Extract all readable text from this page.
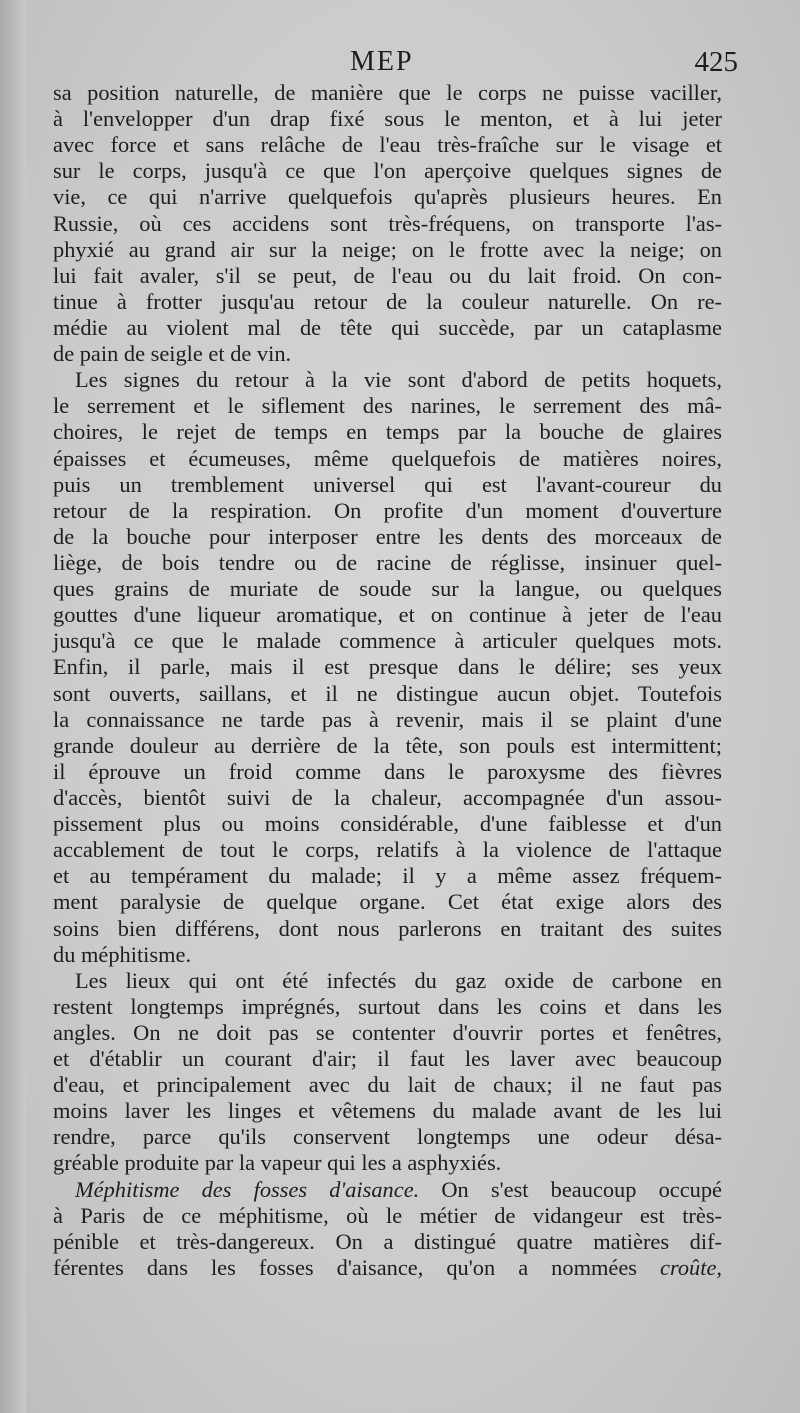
MEP	425
sa position naturelle, de manière que le corps ne puisse vaciller,
à l'envelopper d'un drap fixé sous le menton, et à lui jeter
avec force et sans relâche de l'eau très-fraîche sur le visage et
sur le corps, jusqu'à ce que l'on aperçoive quelques signes de
vie, ce qui n'arrive quelquefois qu'après plusieurs heures. En
Russie, où ces accidens sont très-fréquens, on transporte l'as-
phyxié au grand air sur la neige; on le frotte avec la neige; on
lui fait avaler, s'il se peut, de l'eau ou du lait froid. On con-
tinue à frotter jusqu'au retour de la couleur naturelle. On re-
médie au violent mal de tête qui succède, par un cataplasme
de pain de seigle et de vin.
Les signes du retour à la vie sont d'abord de petits hoquets,
le serrement et le siflement des narines, le serrement des mâ-
choires, le rejet de temps en temps par la bouche de glaires
épaisses et écumeuses, même quelquefois de matières noires,
puis un tremblement universel qui est l'avant-coureur du
retour de la respiration. On profite d'un moment d'ouverture
de la bouche pour interposer entre les dents des morceaux de
liège, de bois tendre ou de racine de réglisse, insinuer quel-
ques grains de muriate de soude sur la langue, ou quelques
gouttes d'une liqueur aromatique, et on continue à jeter de l'eau
jusqu'à ce que le malade commence à articuler quelques mots.
Enfin, il parle, mais il est presque dans le délire; ses yeux
sont ouverts, saillans, et il ne distingue aucun objet. Toutefois
la connaissance ne tarde pas à revenir, mais il se plaint d'une
grande douleur au derrière de la tête, son pouls est intermittent;
il éprouve un froid comme dans le paroxysme des fièvres
d'accès, bientôt suivi de la chaleur, accompagnée d'un assou-
pissement plus ou moins considérable, d'une faiblesse et d'un
accablement de tout le corps, relatifs à la violence de l'attaque
et au tempérament du malade; il y a même assez fréquem-
ment paralysie de quelque organe. Cet état exige alors des
soins bien différens, dont nous parlerons en traitant des suites
du méphitisme.
Les lieux qui ont été infectés du gaz oxide de carbone en
restent longtemps imprégnés, surtout dans les coins et dans les
angles. On ne doit pas se contenter d'ouvrir portes et fenêtres,
et d'établir un courant d'air; il faut les laver avec beaucoup
d'eau, et principalement avec du lait de chaux; il ne faut pas
moins laver les linges et vêtemens du malade avant de les lui
rendre, parce qu'ils conservent longtemps une odeur désa-
gréable produite par la vapeur qui les a asphyxiés.
Méphitisme des fosses d'aisance. On s'est beaucoup occupé
à Paris de ce méphitisme, où le métier de vidangeur est très-
pénible et très-dangereux. On a distingué quatre matières dif-
férentes dans les fosses d'aisance, qu'on a nommées croûte,
